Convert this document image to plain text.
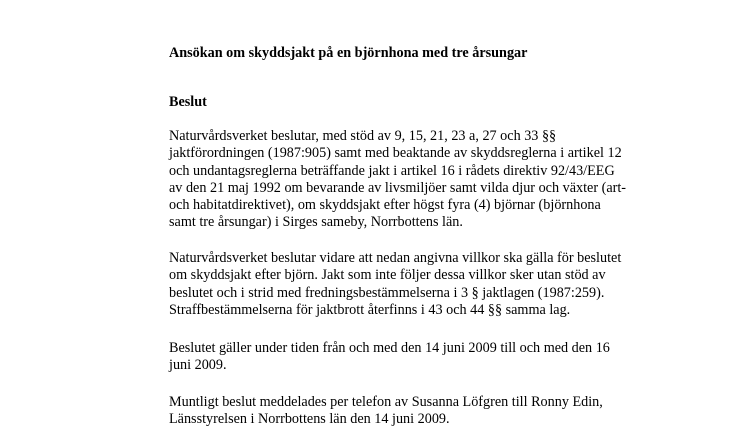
Ansökan om skyddsjakt på en björnhona med tre årsungar
Beslut

Naturvårdsverket beslutar, med stöd av 9, 15, 21, 23 a, 27 och 33 §§
jaktförordningen (1987:905) samt med beaktande av skyddsreglerna i artikel 12
och undantagsreglerna beträffande jakt i artikel 16 i rådets direktiv 92/43/EEG
av den 21 maj 1992 om bevarande av livsmiljöer samt vilda djur och växter (art-
och habitatdirektivet), om skyddsjakt efter högst fyra (4) björnar (björnhona
samt tre årsungar) i Sirges sameby, Norrbottens län.

Naturvårdsverket beslutar vidare att nedan angivna villkor ska gälla för beslutet
om skyddsjakt efter björn. Jakt som inte följer dessa villkor sker utan stöd av
beslutet och i strid med fredningsbestämmelserna i 3 § jaktlagen (1987:259).
Straffbestämmelserna för jaktbrott återfinns i 43 och 44 §§ samma lag.

Beslutet gäller under tiden från och med den 14 juni 2009 till och med den 16
juni 2009.

Muntligt beslut meddelades per telefon av Susanna Löfgren till Ronny Edin,
Länsstyrelsen i Norrbottens län den 14 juni 2009.
